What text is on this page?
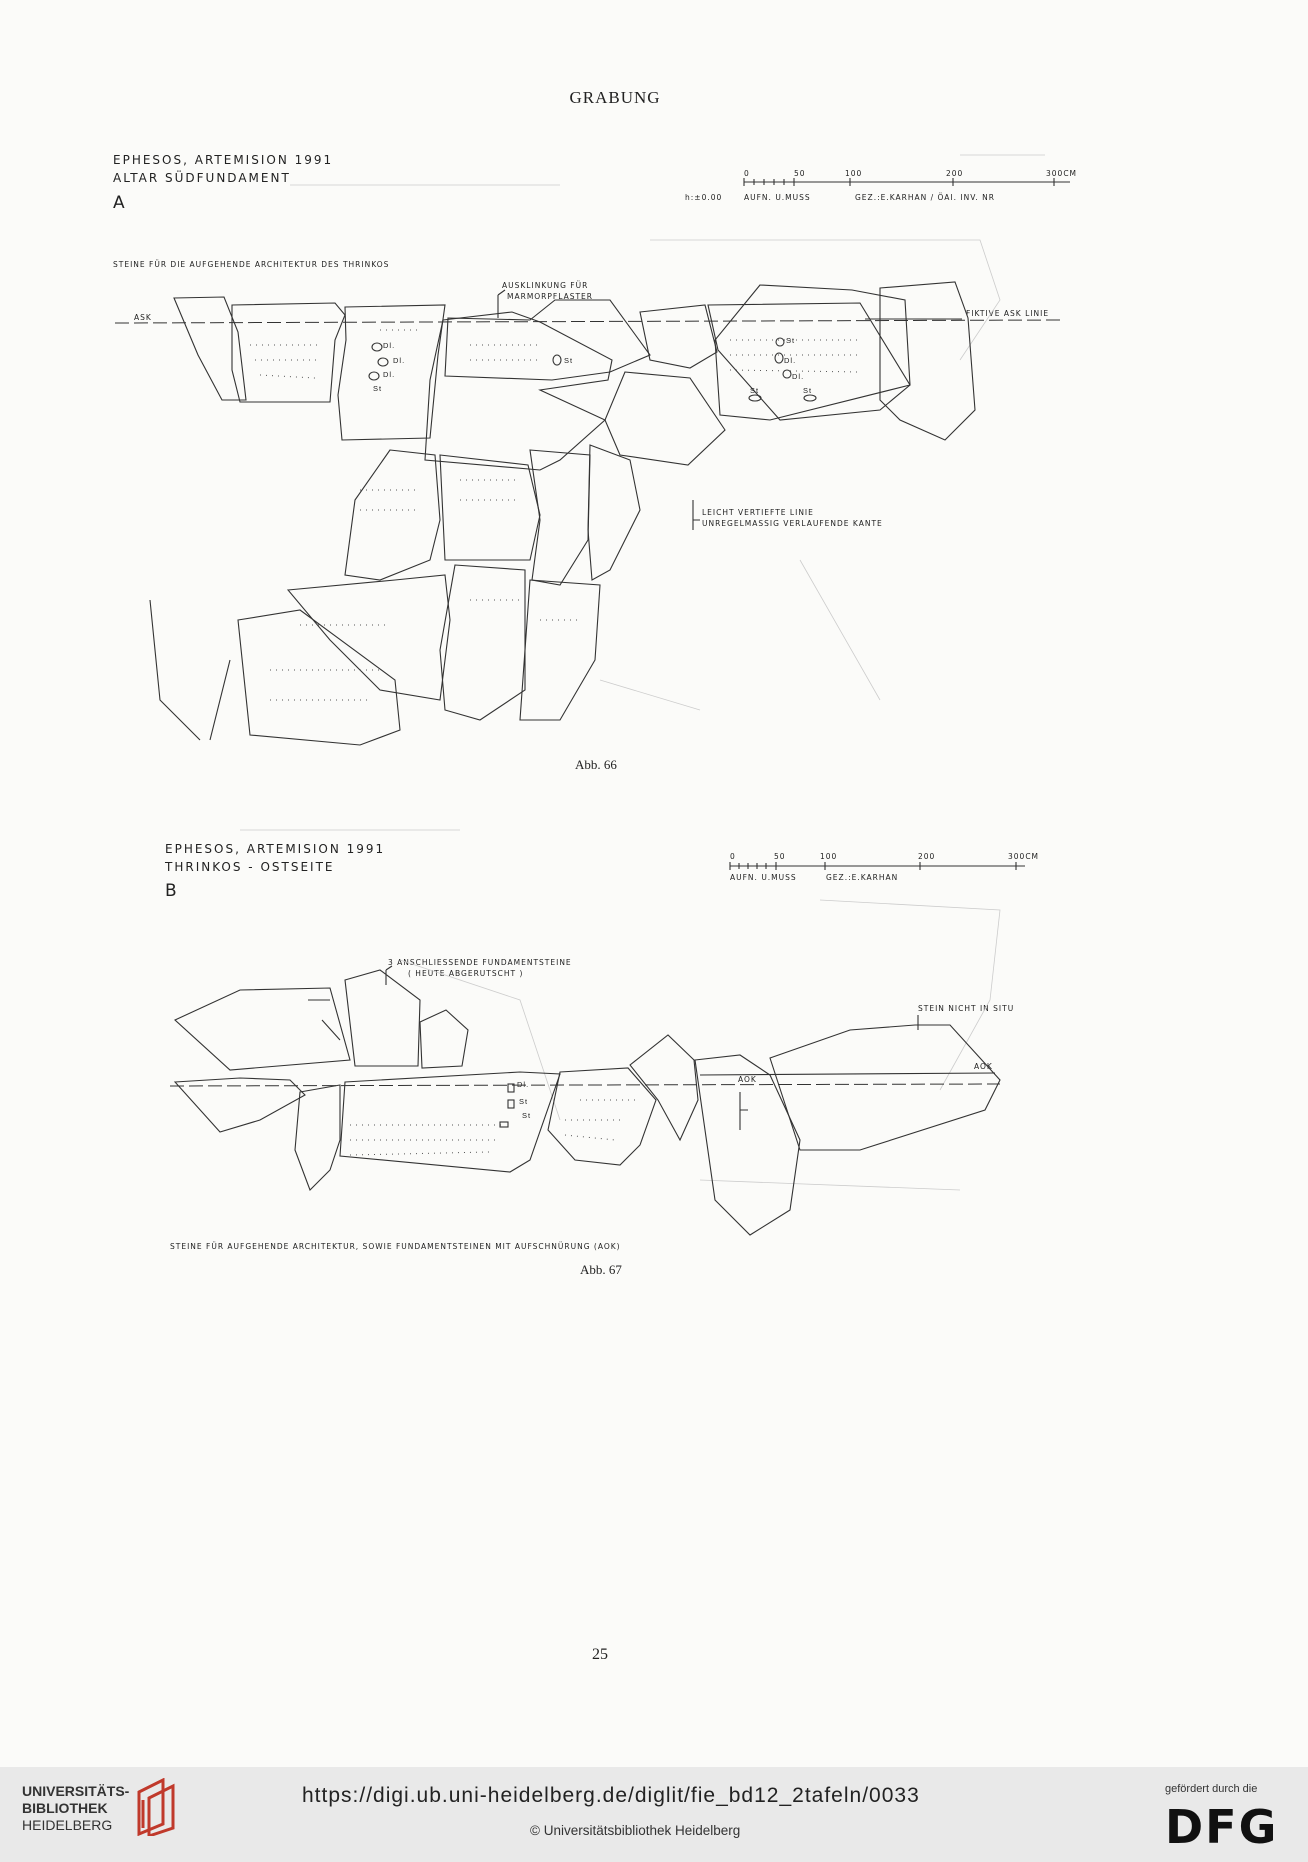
GRABUNG
EPHESOS, ARTEMISION 1991
ALTAR SÜDFUNDAMENT
A
0	50	100	200	300CM
h:±0.00	AUFN. U.MUSS	GEZ.:E.KARHAN / ÖAI. INV. NR
STEINE FÜR DIE AUFGEHENDE ARCHITEKTUR DES THRINKOS
AUSKLINKUNG FÜR
MARMORPFLASTER
ASK	FIKTIVE ASK LINIE
LEICHT VERTIEFTE LINIE
UNREGELMASSIG VERLAUFENDE KANTE
Dl.
Dl.
Dl.
St
St
Dl.
St
Dl.
St	St
Abb. 66
EPHESOS, ARTEMISION 1991
THRINKOS - OSTSEITE
B
0	50	100	200	300CM
AUFN. U.MUSS	GEZ.:E.KARHAN
3 ANSCHLIESSENDE FUNDAMENTSTEINE
( HEUTE ABGERUTSCHT )
STEIN NICHT IN SITU
AOK
AOK
Dl.
St
St
STEINE FÜR AUFGEHENDE ARCHITEKTUR, SOWIE FUNDAMENTSTEINEN MIT AUFSCHNÜRUNG (AOK)
Abb. 67
25
UNIVERSITÄTS-
BIBLIOTHEK
HEIDELBERG
https://digi.ub.uni-heidelberg.de/diglit/fie_bd12_2tafeln/0033
© Universitätsbibliothek Heidelberg
gefördert durch die
DFG
